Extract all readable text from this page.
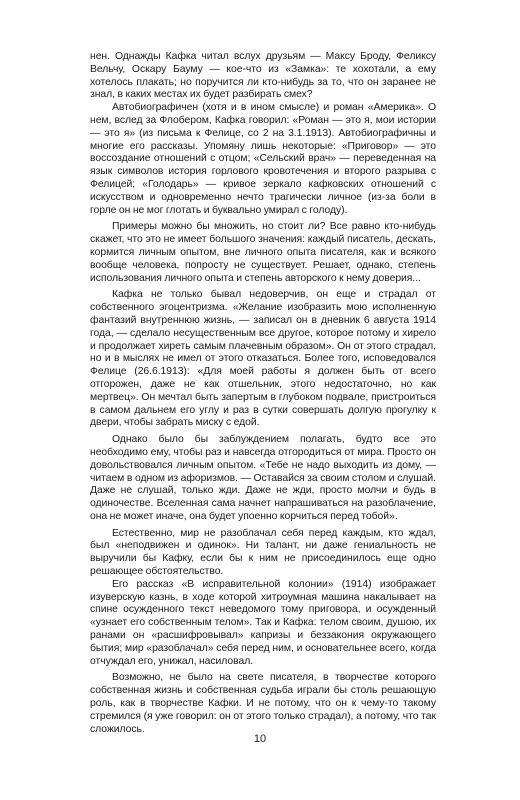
нен. Однажды Кафка читал вслух друзьям — Максу Броду, Феликсу Вельчу, Оскару Бауму — кое-что из «Замка»: те хохотали, а ему хотелось плакать; но поручится ли кто-нибудь за то, что он заранее не знал, в каких местах их будет разбирать смех?

Автобиографичен (хотя и в ином смысле) и роман «Америка». О нем, вслед за Флобером, Кафка говорил: «Роман — это я, мои истории — это я» (из письма к Фелице, со 2 на 3.1.1913). Автобиографичны и многие его рассказы. Упомяну лишь некоторые: «Приговор» — это воссоздание отношений с отцом; «Сельский врач» — переведенная на язык символов история горлового кровотечения и второго разрыва с Фелицей; «Голодарь» — кривое зеркало кафковских отношений с искусством и одновременно нечто трагически личное (из-за боли в горле он не мог глотать и буквально умирал с голоду).

Примеры можно бы множить, но стоит ли? Все равно кто-нибудь скажет, что это не имеет большого значения: каждый писатель, дескать, кормится личным опытом, вне личного опыта писателя, как и всякого вообще человека, попросту не существует. Решает, однако, степень использования личного опыта и степень авторского к нему доверия...

Кафка не только бывал недоверчив, он еще и страдал от собственного эгоцентризма. «Желание изобразить мою исполненную фантазий внутреннюю жизнь, — записал он в дневник 6 августа 1914 года, — сделало несущественным все другое, которое потому и хирело и продолжает хиреть самым плачевным образом». Он от этого страдал, но и в мыслях не имел от этого отказаться. Более того, исповедовался Фелице (26.6.1913): «Для моей работы я должен быть от всего отгорожен, даже не как отшельник, этого недостаточно, но как мертвец». Он мечтал быть запертым в глубоком подвале, пристроиться в самом дальнем его углу и раз в сутки совершать долгую прогулку к двери, чтобы забрать миску с едой.

Однако было бы заблуждением полагать, будто все это необходимо ему, чтобы раз и навсегда отгородиться от мира. Просто он довольствовался личным опытом. «Тебе не надо выходить из дому, — читаем в одном из афоризмов. — Оставайся за своим столом и слушай. Даже не слушай, только жди. Даже не жди, просто молчи и будь в одиночестве. Вселенная сама начнет напрашиваться на разоблачение, она не может иначе, она будет упоенно корчиться перед тобой».

Естественно, мир не разоблачал себя перед каждым, кто ждал, был «неподвижен и одинок». Ни талант, ни даже гениальность не выручили бы Кафку, если бы к ним не присоединилось еще одно решающее обстоятельство.

Его рассказ «В исправительной колонии» (1914) изображает изуверскую казнь, в ходе которой хитроумная машина накалывает на спине осужденного текст неведомого тому приговора, и осужденный «узнает его собственным телом». Так и Кафка: телом своим, душою, их ранами он «расшифровывал» капризы и беззакония окружающего бытия; мир «разоблачал» себя перед ним, и основательнее всего, когда отчуждал его, унижал, насиловал.

Возможно, не было на свете писателя, в творчестве которого собственная жизнь и собственная судьба играли бы столь решающую роль, как в творчестве Кафки. И не потому, что он к чему-то такому стремился (я уже говорил: он от этого только страдал), а потому, что так сложилось.

10
